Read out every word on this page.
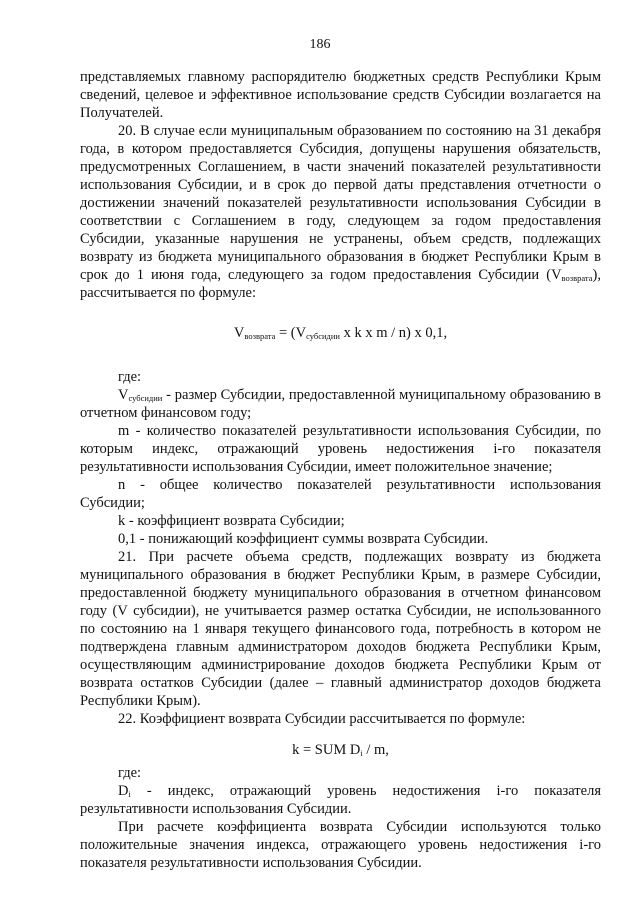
186

представляемых главному распорядителю бюджетных средств Республики Крым сведений, целевое и эффективное использование средств Субсидии возлагается на Получателей.

20. В случае если муниципальным образованием по состоянию на 31 декабря года, в котором предоставляется Субсидия, допущены нарушения обязательств, предусмотренных Соглашением, в части значений показателей результативности использования Субсидии, и в срок до первой даты представления отчетности о достижении значений показателей результативности использования Субсидии в соответствии с Соглашением в году, следующем за годом предоставления Субсидии, указанные нарушения не устранены, объем средств, подлежащих возврату из бюджета муниципального образования в бюджет Республики Крым в срок до 1 июня года, следующего за годом предоставления Субсидии $(V_{возврата})$, рассчитывается по формуле:

$V_{возврата} = (V_{субсидии}$ х k х m / n) х 0,1,

где:

$V_{субсидии}$ - размер Субсидии, предоставленной муниципальному образованию в отчетном финансовом году;

m - количество показателей результативности использования Субсидии, по которым индекс, отражающий уровень недостижения i-го показателя результативности использования Субсидии, имеет положительное значение;

n - общее количество показателей результативности использования Субсидии;

k - коэффициент возврата Субсидии;

0,1 - понижающий коэффициент суммы возврата Субсидии.

21. При расчете объема средств, подлежащих возврату из бюджета муниципального образования в бюджет Республики Крым, в размере Субсидии, предоставленной бюджету муниципального образования в отчетном финансовом году (V субсидии), не учитывается размер остатка Субсидии, не использованного по состоянию на 1 января текущего финансового года, потребность в котором не подтверждена главным администратором доходов бюджета Республики Крым, осуществляющим администрирование доходов бюджета Республики Крым от возврата остатков Субсидии (далее – главный администратор доходов бюджета Республики Крым).

22. Коэффициент возврата Субсидии рассчитывается по формуле:

k = SUM $D_i$ / m,

где:

$D_i$ - индекс, отражающий уровень недостижения i-го показателя результативности использования Субсидии.

При расчете коэффициента возврата Субсидии используются только положительные значения индекса, отражающего уровень недостижения i-го показателя результативности использования Субсидии.
